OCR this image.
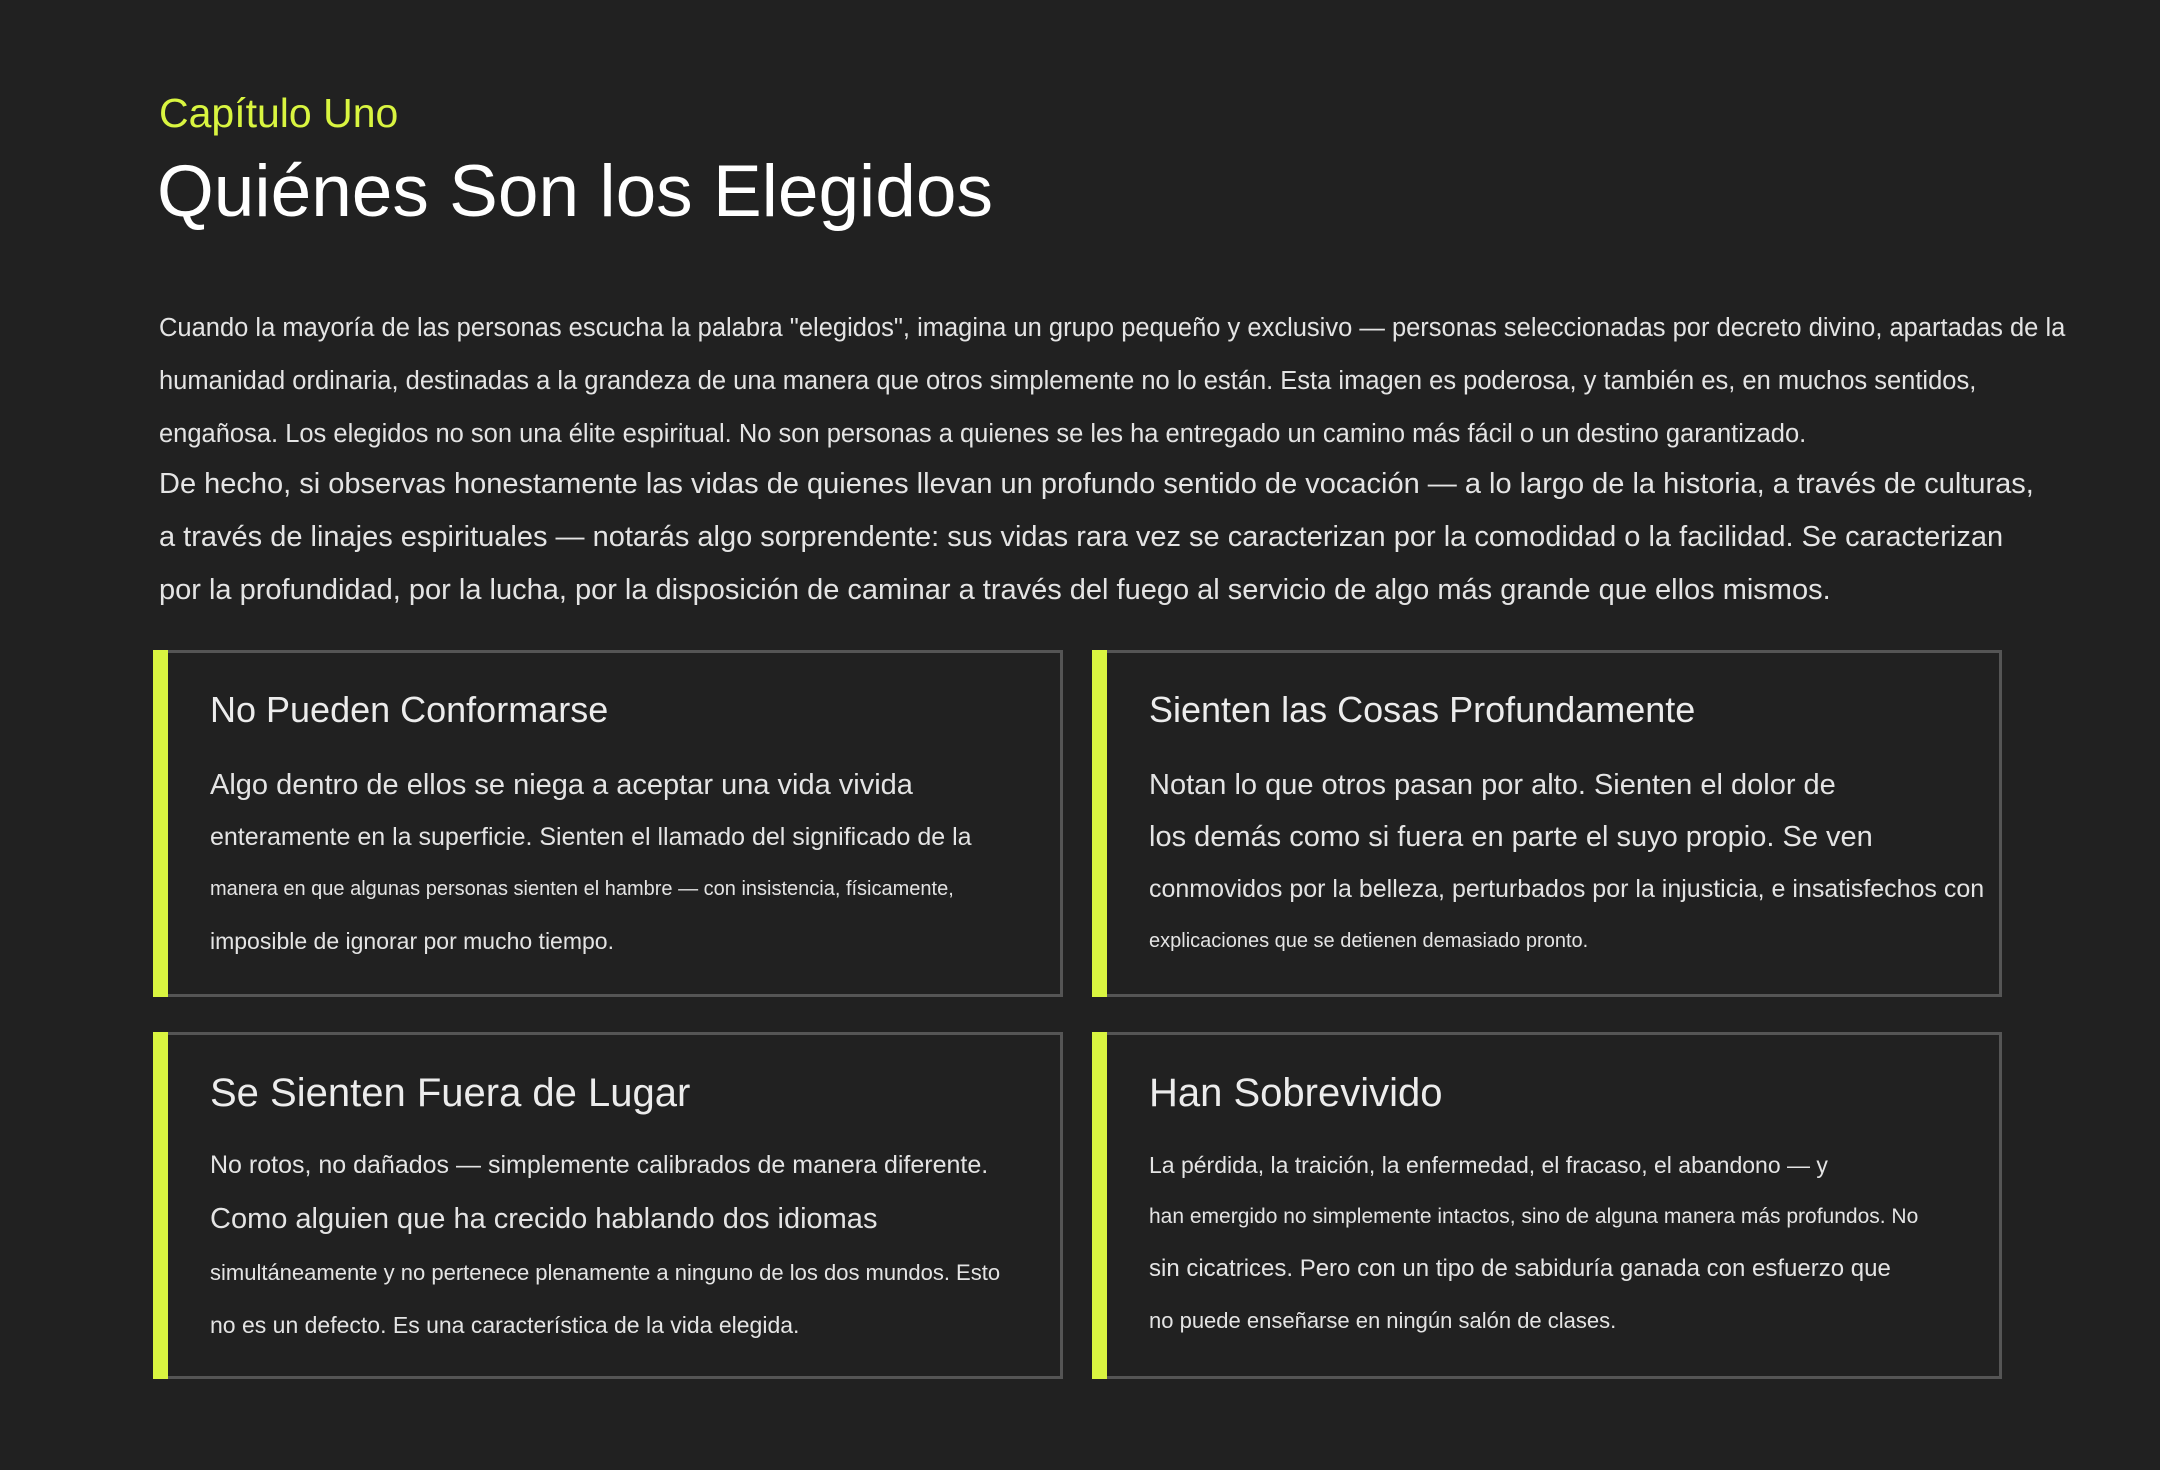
Capítulo Uno
Quiénes Son los Elegidos

Cuando la mayoría de las personas escucha la palabra "elegidos", imagina un grupo pequeño y exclusivo — personas seleccionadas por decreto divino, apartadas de la
humanidad ordinaria, destinadas a la grandeza de una manera que otros simplemente no lo están. Esta imagen es poderosa, y también es, en muchos sentidos,
engañosa. Los elegidos no son una élite espiritual. No son personas a quienes se les ha entregado un camino más fácil o un destino garantizado.

De hecho, si observas honestamente las vidas de quienes llevan un profundo sentido de vocación — a lo largo de la historia, a través de culturas,
a través de linajes espirituales — notarás algo sorprendente: sus vidas rara vez se caracterizan por la comodidad o la facilidad. Se caracterizan
por la profundidad, por la lucha, por la disposición de caminar a través del fuego al servicio de algo más grande que ellos mismos.

No Pueden Conformarse

Algo dentro de ellos se niega a aceptar una vida vivida
enteramente en la superficie. Sienten el llamado del significado de la
manera en que algunas personas sienten el hambre — con insistencia, físicamente,
imposible de ignorar por mucho tiempo.

Sienten las Cosas Profundamente

Notan lo que otros pasan por alto. Sienten el dolor de
los demás como si fuera en parte el suyo propio. Se ven
conmovidos por la belleza, perturbados por la injusticia, e insatisfechos con
explicaciones que se detienen demasiado pronto.

Se Sienten Fuera de Lugar

No rotos, no dañados — simplemente calibrados de manera diferente.
Como alguien que ha crecido hablando dos idiomas
simultáneamente y no pertenece plenamente a ninguno de los dos mundos. Esto
no es un defecto. Es una característica de la vida elegida.

Han Sobrevivido

La pérdida, la traición, la enfermedad, el fracaso, el abandono — y
han emergido no simplemente intactos, sino de alguna manera más profundos. No
sin cicatrices. Pero con un tipo de sabiduría ganada con esfuerzo que
no puede enseñarse en ningún salón de clases.
